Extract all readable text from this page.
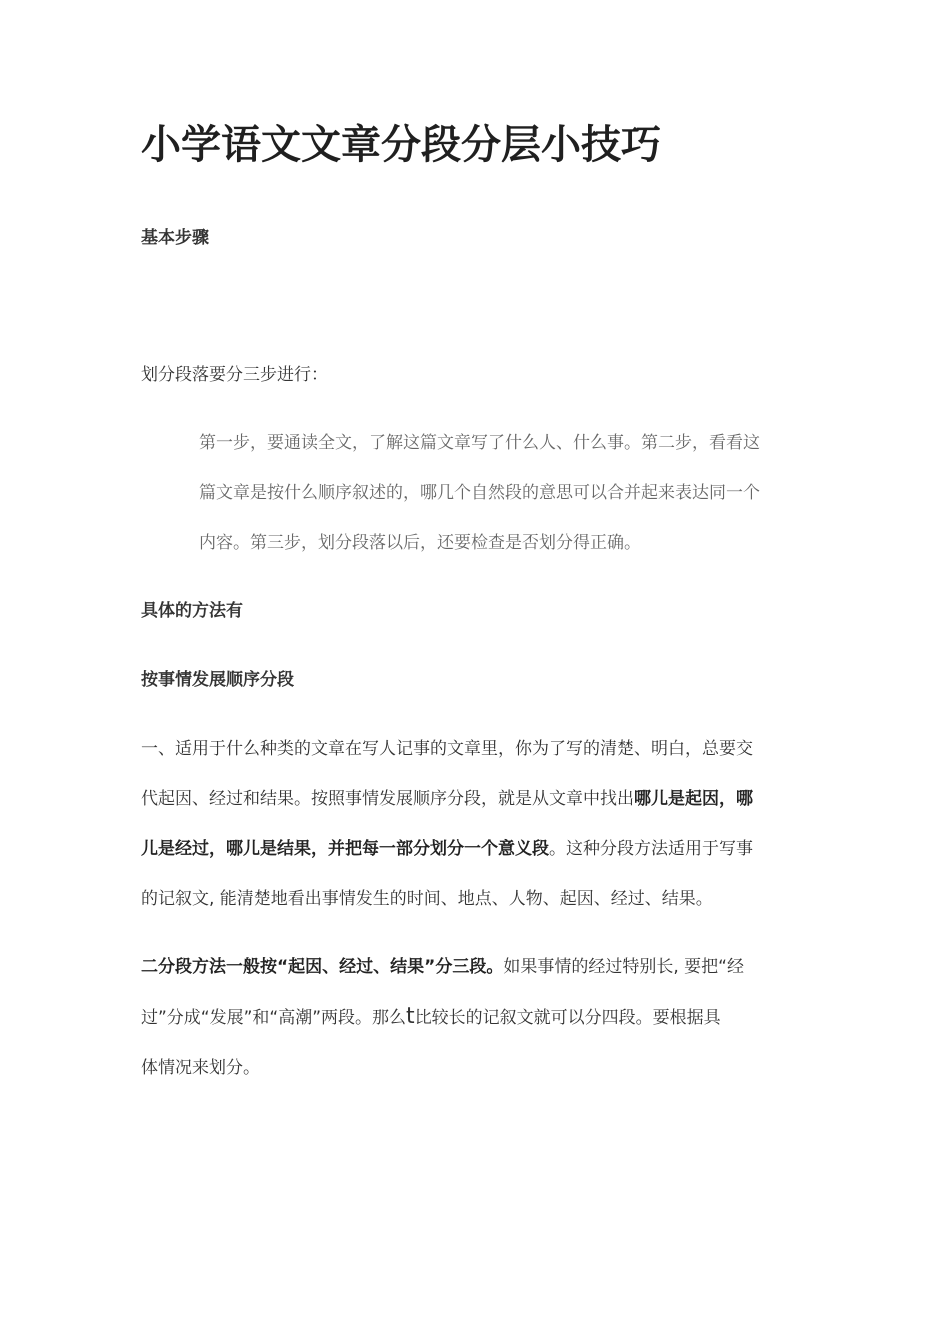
小学语文文章分段分层小技巧
基本步骤
划分段落要分三步进行：
第一步，要通读全文，了解这篇文章写了什么人、什么事。第二步，看看这
篇文章是按什么顺序叙述的，哪几个自然段的意思可以合并起来表达同一个
内容。第三步，划分段落以后，还要检查是否划分得正确。
具体的方法有
按事情发展顺序分段
一、适用于什么种类的文章在写人记事的文章里，你为了写的清楚、明白，总要交
代起因、经过和结果。按照事情发展顺序分段，就是从文章中找出哪儿是起因，哪
儿是经过，哪儿是结果，并把每一部分划分一个意义段。这种分段方法适用于写事
的记叙文, 能清楚地看出事情发生的时间、地点、人物、起因、经过、结果。
二分段方法一般按“起因、经过、结果”分三段。如果事情的经过特别长, 要把“经
过”分成“发展”和“高潮”两段。那么t比较长的记叙文就可以分四段。要根据具
体情况来划分。
